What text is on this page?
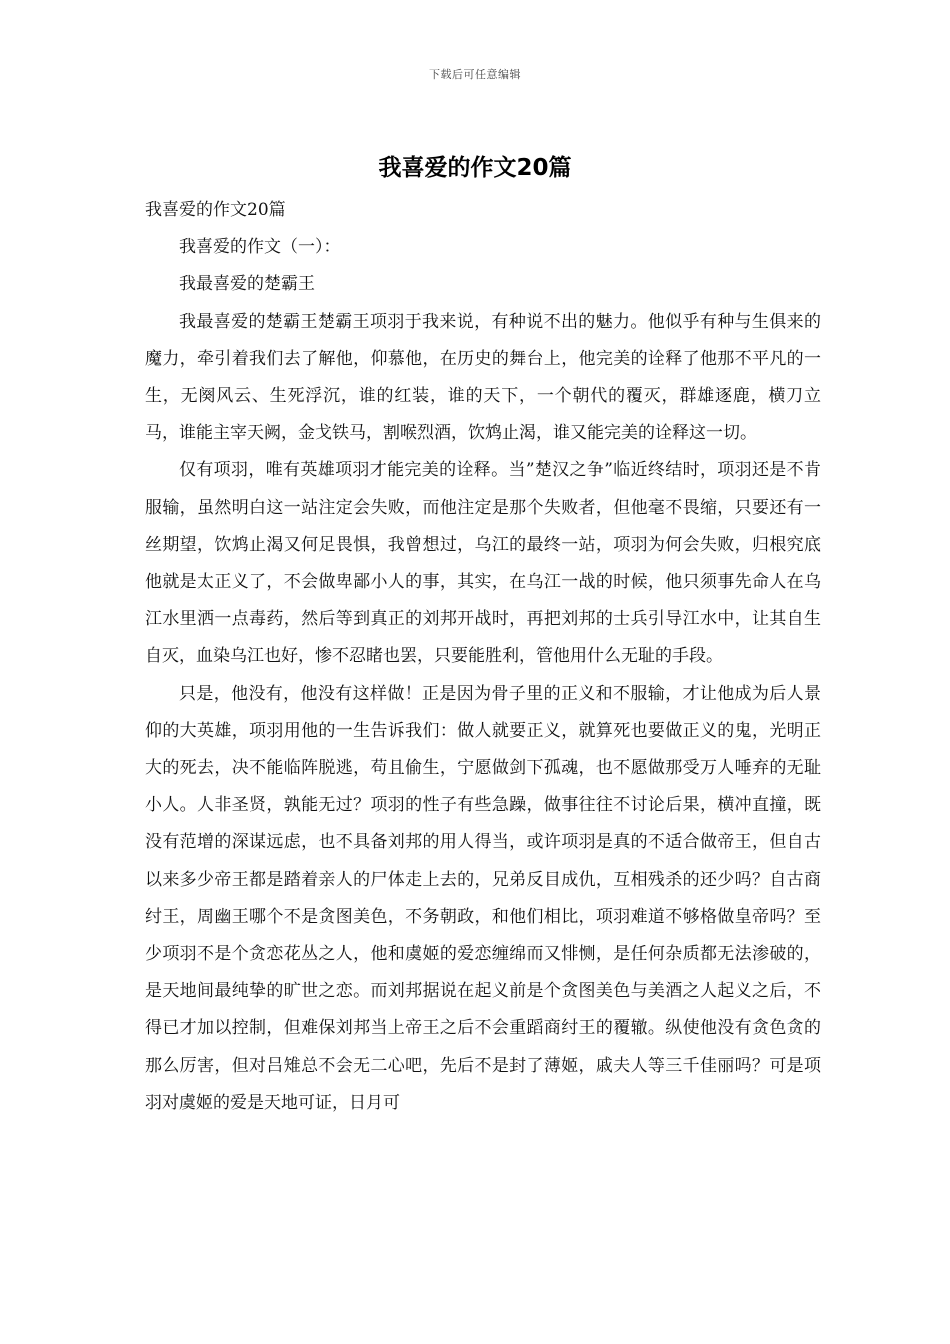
下载后可任意编辑
我喜爱的作文20篇

我喜爱的作文20篇

我喜爱的作文（一）：

我最喜爱的楚霸王

我最喜爱的楚霸王楚霸王项羽于我来说，有种说不出的魅力。他似乎有种与生俱来的魔力，牵引着我们去了解他，仰慕他，在历史的舞台上，他完美的诠释了他那不平凡的一生，无阕风云、生死浮沉，谁的红装，谁的天下，一个朝代的覆灭，群雄逐鹿，横刀立马，谁能主宰天阙，金戈铁马，割喉烈酒，饮鸩止渴，谁又能完美的诠释这一切。

仅有项羽，唯有英雄项羽才能完美的诠释。当”楚汉之争”临近终结时，项羽还是不肯服输，虽然明白这一站注定会失败，而他注定是那个失败者，但他毫不畏缩，只要还有一丝期望，饮鸩止渴又何足畏惧，我曾想过，乌江的最终一站，项羽为何会失败，归根究底他就是太正义了，不会做卑鄙小人的事，其实，在乌江一战的时候，他只须事先命人在乌江水里洒一点毒药，然后等到真正的刘邦开战时，再把刘邦的士兵引导江水中，让其自生自灭，血染乌江也好，惨不忍睹也罢，只要能胜利，管他用什么无耻的手段。

只是，他没有，他没有这样做！正是因为骨子里的正义和不服输，才让他成为后人景仰的大英雄，项羽用他的一生告诉我们：做人就要正义，就算死也要做正义的鬼，光明正大的死去，决不能临阵脱逃，苟且偷生，宁愿做剑下孤魂，也不愿做那受万人唾弃的无耻小人。人非圣贤，孰能无过？项羽的性子有些急躁，做事往往不讨论后果，横冲直撞，既没有范增的深谋远虑，也不具备刘邦的用人得当，或许项羽是真的不适合做帝王，但自古以来多少帝王都是踏着亲人的尸体走上去的，兄弟反目成仇，互相残杀的还少吗？自古商纣王，周幽王哪个不是贪图美色，不务朝政，和他们相比，项羽难道不够格做皇帝吗？至少项羽不是个贪恋花丛之人，他和虞姬的爱恋缠绵而又悱恻，是任何杂质都无法渗破的，是天地间最纯挚的旷世之恋。而刘邦据说在起义前是个贪图美色与美酒之人起义之后，不得已才加以控制，但难保刘邦当上帝王之后不会重蹈商纣王的覆辙。纵使他没有贪色贪的那么厉害，但对吕雉总不会无二心吧，先后不是封了薄姬，戚夫人等三千佳丽吗？可是项羽对虞姬的爱是天地可证，日月可
